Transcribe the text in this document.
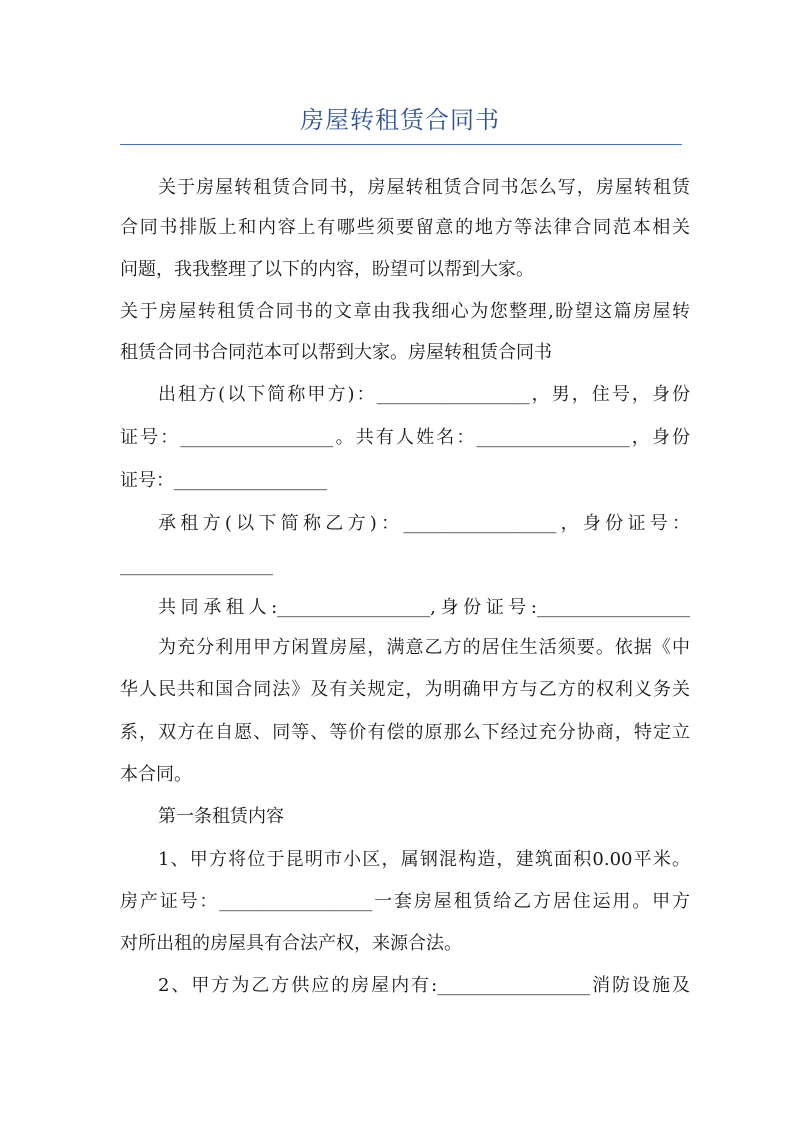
房屋转租赁合同书
关于房屋转租赁合同书，房屋转租赁合同书怎么写，房屋转租赁
合同书排版上和内容上有哪些须要留意的地方等法律合同范本相关
问题，我我整理了以下的内容，盼望可以帮到大家。
关于房屋转租赁合同书的文章由我我细心为您整理,盼望这篇房屋转
租赁合同书合同范本可以帮到大家。房屋转租赁合同书
出租方(以下简称甲方)：_________________，男，住号，身份
证号：_________________。共有人姓名：_________________，身份
证号：_________________
承租方(以下简称乙方)：_________________，身份证号：
_________________
共同承租人:_________________,身份证号:_________________
为充分利用甲方闲置房屋，满意乙方的居住生活须要。依据《中
华人民共和国合同法》及有关规定，为明确甲方与乙方的权利义务关
系，双方在自愿、同等、等价有偿的原那么下经过充分协商，特定立
本合同。
第一条租赁内容
1、甲方将位于昆明市小区，属钢混构造，建筑面积0.00平米。
房产证号：_________________一套房屋租赁给乙方居住运用。甲方
对所出租的房屋具有合法产权，来源合法。
2、甲方为乙方供应的房屋内有:_________________消防设施及
